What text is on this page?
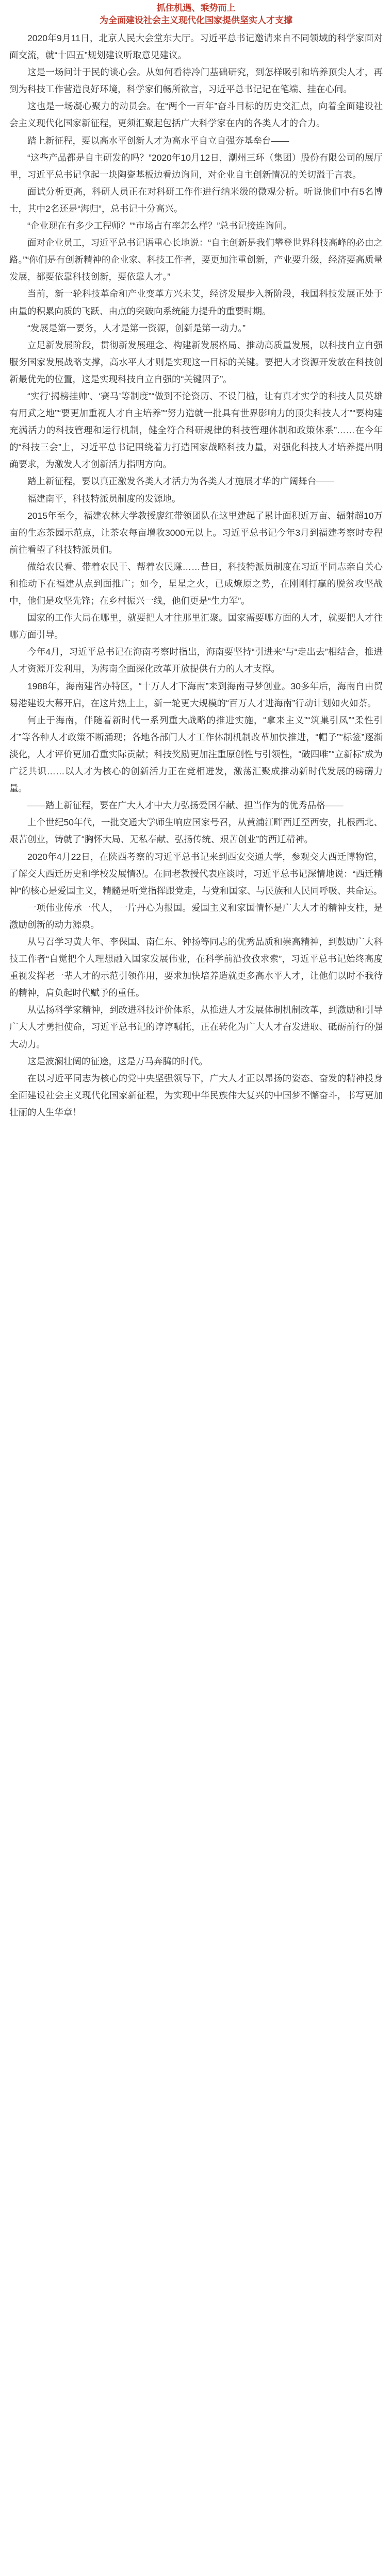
抓住机遇、乘势而上
为全面建设社会主义现代化国家提供坚实人才支撑

2020年9月11日，北京人民大会堂东大厅。习近平总书记邀请来自不同领域的科学家面对面交流，就“十四五”规划建议听取意见建议。

这是一场问计于民的谈心会。从如何看待冷门基础研究，到怎样吸引和培养顶尖人才，再到为科技工作营造良好环境，科学家们畅所欲言，习近平总书记记在笔端、挂在心间。

这也是一场凝心聚力的动员会。在“两个一百年”奋斗目标的历史交汇点，向着全面建设社会主义现代化国家新征程，更须汇聚起包括广大科学家在内的各类人才的合力。

踏上新征程，要以高水平创新人才为高水平自立自强夯基垒台——

“这些产品都是自主研发的吗？”2020年10月12日，潮州三环（集团）股份有限公司的展厅里，习近平总书记拿起一块陶瓷基板边看边询问，对企业自主创新情况的关切溢于言表。

面试分析更高，科研人员正在对科研工作作进行纳米级的微观分析。听说他们中有5名博士，其中2名还是“海归”，总书记十分高兴。

“企业现在有多少工程师？”“市场占有率怎么样？”总书记接连询问。

面对企业员工，习近平总书记语重心长地说：“自主创新是我们攀登世界科技高峰的必由之路。”“你们是有创新精神的企业家、科技工作者，要更加注重创新，产业要升级，经济要高质量发展，都要依靠科技创新，要依靠人才。”

当前，新一轮科技革命和产业变革方兴未艾，经济发展步入新阶段，我国科技发展正处于由量的积累向质的飞跃、由点的突破向系统能力提升的重要时期。

“发展是第一要务，人才是第一资源，创新是第一动力。”

立足新发展阶段，贯彻新发展理念、构建新发展格局、推动高质量发展，以科技自立自强服务国家发展战略支撑，高水平人才则是实现这一目标的关键。要把人才资源开发放在科技创新最优先的位置，这是实现科技自立自强的“关键因子”。

“实行‘揭榜挂帅’、‘赛马’等制度”“做到不论资历、不设门槛，让有真才实学的科技人员英雄有用武之地”“要更加重视人才自主培养”“努力造就一批具有世界影响力的顶尖科技人才”“要构建充满活力的科技管理和运行机制，健全符合科研规律的科技管理体制和政策体系”……在今年的“科技三会”上，习近平总书记围绕着力打造国家战略科技力量，对强化科技人才培养提出明确要求，为激发人才创新活力指明方向。

踏上新征程，要以真正激发各类人才活力为各类人才施展才华的广阔舞台——

福建南平，科技特派员制度的发源地。

2015年至今，福建农林大学教授廖红带领团队在这里建起了累计面积近万亩、辐射超10万亩的生态茶园示范点，让茶农每亩增收3000元以上。习近平总书记今年3月到福建考察时专程前往看望了科技特派员们。

做给农民看、带着农民干、帮着农民赚……昔日，科技特派员制度在习近平同志亲自关心和推动下在福建从点到面推广；如今，星星之火，已成燎原之势，在刚刚打赢的脱贫攻坚战中，他们是攻坚先锋；在乡村振兴一线，他们更是“生力军”。

国家的工作大局在哪里，就要把人才往那里汇聚。国家需要哪方面的人才，就要把人才往哪方面引导。

今年4月，习近平总书记在海南考察时指出，海南要坚持“引进来”与“走出去”相结合，推进人才资源开发利用，为海南全面深化改革开放提供有力的人才支撑。

1988年，海南建省办特区，“十万人才下海南”来到海南寻梦创业。30多年后，海南自由贸易港建设大幕开启，在这片热土上，新一轮更大规模的“百万人才进海南”行动计划如火如荼。

何止于海南，伴随着新时代一系列重大战略的推进实施，“拿来主义”“筑巢引凤”“柔性引才”等各种人才政策不断涌现；各地各部门人才工作体制机制改革加快推进，“帽子”“标签”逐渐淡化，人才评价更加看重实际贡献；科技奖励更加注重原创性与引领性，“破四唯”“立新标”成为广泛共识……以人才为核心的创新活力正在竞相迸发，激荡汇聚成推动新时代发展的磅礴力量。

——踏上新征程，要在广大人才中大力弘扬爱国奉献、担当作为的优秀品格——

上个世纪50年代，一批交通大学师生响应国家号召，从黄浦江畔西迁至西安，扎根西北、艰苦创业，铸就了“胸怀大局、无私奉献、弘扬传统、艰苦创业”的西迁精神。

2020年4月22日，在陕西考察的习近平总书记来到西安交通大学，参观交大西迁博物馆，了解交大西迁历史和学校发展情况。在同老教授代表座谈时，习近平总书记深情地说：“西迁精神”的核心是爱国主义，精髓是听党指挥跟党走，与党和国家、与民族和人民同呼吸、共命运。

一项伟业传承一代人，一片丹心为报国。爱国主义和家国情怀是广大人才的精神支柱，是激励创新的动力源泉。

从号召学习黄大年、李保国、南仁东、钟扬等同志的优秀品质和崇高精神，到鼓励广大科技工作者“自觉把个人理想融入国家发展伟业，在科学前沿孜孜求索”，习近平总书记始终高度重视发挥老一辈人才的示范引领作用，要求加快培养造就更多高水平人才，让他们以时不我待的精神，肩负起时代赋予的重任。

从弘扬科学家精神，到改进科技评价体系，从推进人才发展体制机制改革，到激励和引导广大人才勇担使命，习近平总书记的谆谆嘱托，正在转化为广大人才奋发进取、砥砺前行的强大动力。

这是波澜壮阔的征途，这是万马奔腾的时代。

在以习近平同志为核心的党中央坚强领导下，广大人才正以昂扬的姿态、奋发的精神投身全面建设社会主义现代化国家新征程，为实现中华民族伟大复兴的中国梦不懈奋斗，书写更加壮丽的人生华章！
